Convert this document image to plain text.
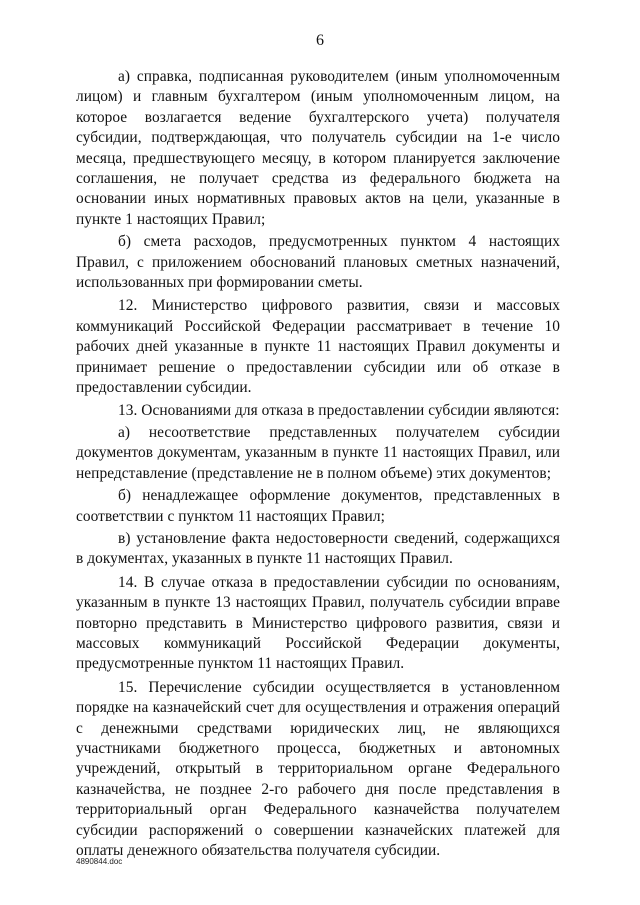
6

а) справка, подписанная руководителем (иным уполномоченным лицом) и главным бухгалтером (иным уполномоченным лицом, на которое возлагается ведение бухгалтерского учета) получателя субсидии, подтверждающая, что получатель субсидии на 1-е число месяца, предшествующего месяцу, в котором планируется заключение соглашения, не получает средства из федерального бюджета на основании иных нормативных правовых актов на цели, указанные в пункте 1 настоящих Правил;

б) смета расходов, предусмотренных пунктом 4 настоящих Правил, с приложением обоснований плановых сметных назначений, использованных при формировании сметы.

12. Министерство цифрового развития, связи и массовых коммуникаций Российской Федерации рассматривает в течение 10 рабочих дней указанные в пункте 11 настоящих Правил документы и принимает решение о предоставлении субсидии или об отказе в предоставлении субсидии.

13. Основаниями для отказа в предоставлении субсидии являются:

а) несоответствие представленных получателем субсидии документов документам, указанным в пункте 11 настоящих Правил, или непредставление (представление не в полном объеме) этих документов;

б) ненадлежащее оформление документов, представленных в соответствии с пунктом 11 настоящих Правил;

в) установление факта недостоверности сведений, содержащихся в документах, указанных в пункте 11 настоящих Правил.

14. В случае отказа в предоставлении субсидии по основаниям, указанным в пункте 13 настоящих Правил, получатель субсидии вправе повторно представить в Министерство цифрового развития, связи и массовых коммуникаций Российской Федерации документы, предусмотренные пунктом 11 настоящих Правил.

15. Перечисление субсидии осуществляется в установленном порядке на казначейский счет для осуществления и отражения операций с денежными средствами юридических лиц, не являющихся участниками бюджетного процесса, бюджетных и автономных учреждений, открытый в территориальном органе Федерального казначейства, не позднее 2-го рабочего дня после представления в территориальный орган Федерального казначейства получателем субсидии распоряжений о совершении казначейских платежей для оплаты денежного обязательства получателя субсидии.

4890844.doc
